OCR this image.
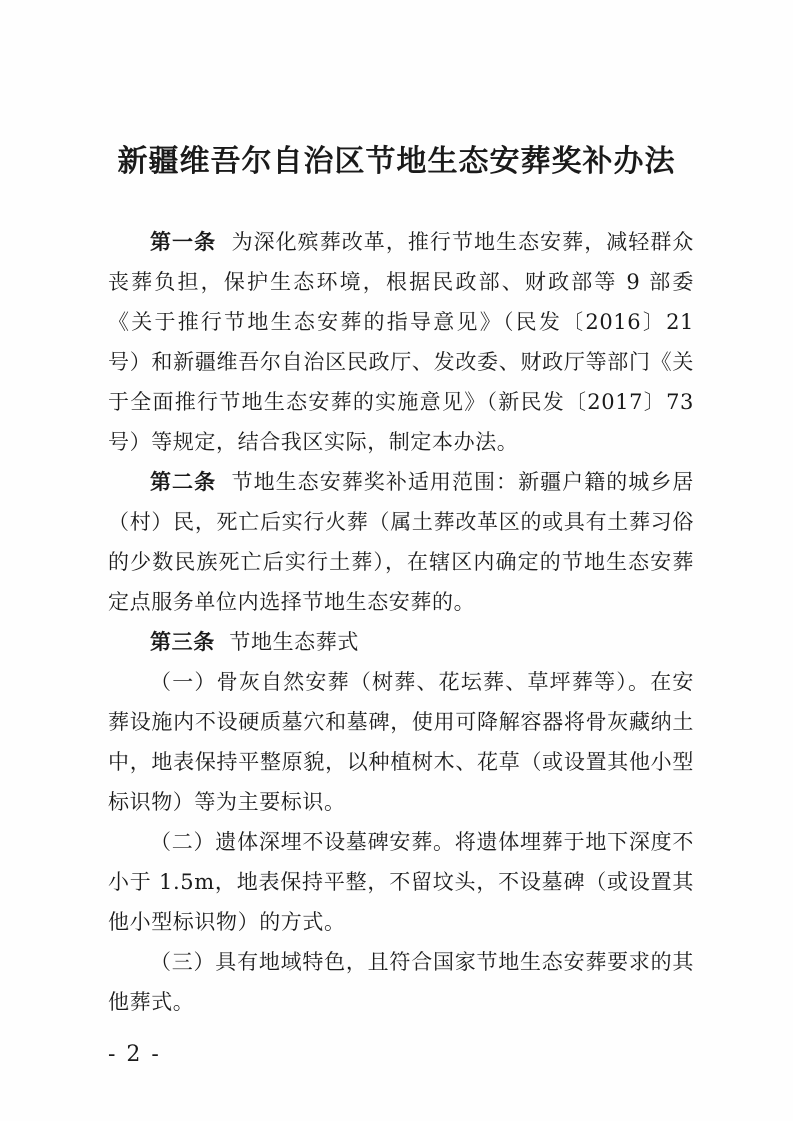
新疆维吾尔自治区节地生态安葬奖补办法

第一条 为深化殡葬改革，推行节地生态安葬，减轻群众丧葬负担，保护生态环境，根据民政部、财政部等 9 部委《关于推行节地生态安葬的指导意见》（民发〔2016〕21 号）和新疆维吾尔自治区民政厅、发改委、财政厅等部门《关于全面推行节地生态安葬的实施意见》（新民发〔2017〕73 号）等规定，结合我区实际，制定本办法。

第二条 节地生态安葬奖补适用范围：新疆户籍的城乡居（村）民，死亡后实行火葬（属土葬改革区的或具有土葬习俗的少数民族死亡后实行土葬），在辖区内确定的节地生态安葬定点服务单位内选择节地生态安葬的。

第三条 节地生态葬式

（一）骨灰自然安葬（树葬、花坛葬、草坪葬等）。在安葬设施内不设硬质墓穴和墓碑，使用可降解容器将骨灰藏纳土中，地表保持平整原貌，以种植树木、花草（或设置其他小型标识物）等为主要标识。

（二）遗体深埋不设墓碑安葬。将遗体埋葬于地下深度不小于 1.5m，地表保持平整，不留坟头，不设墓碑（或设置其他小型标识物）的方式。

（三）具有地域特色，且符合国家节地生态安葬要求的其他葬式。

- 2 -
